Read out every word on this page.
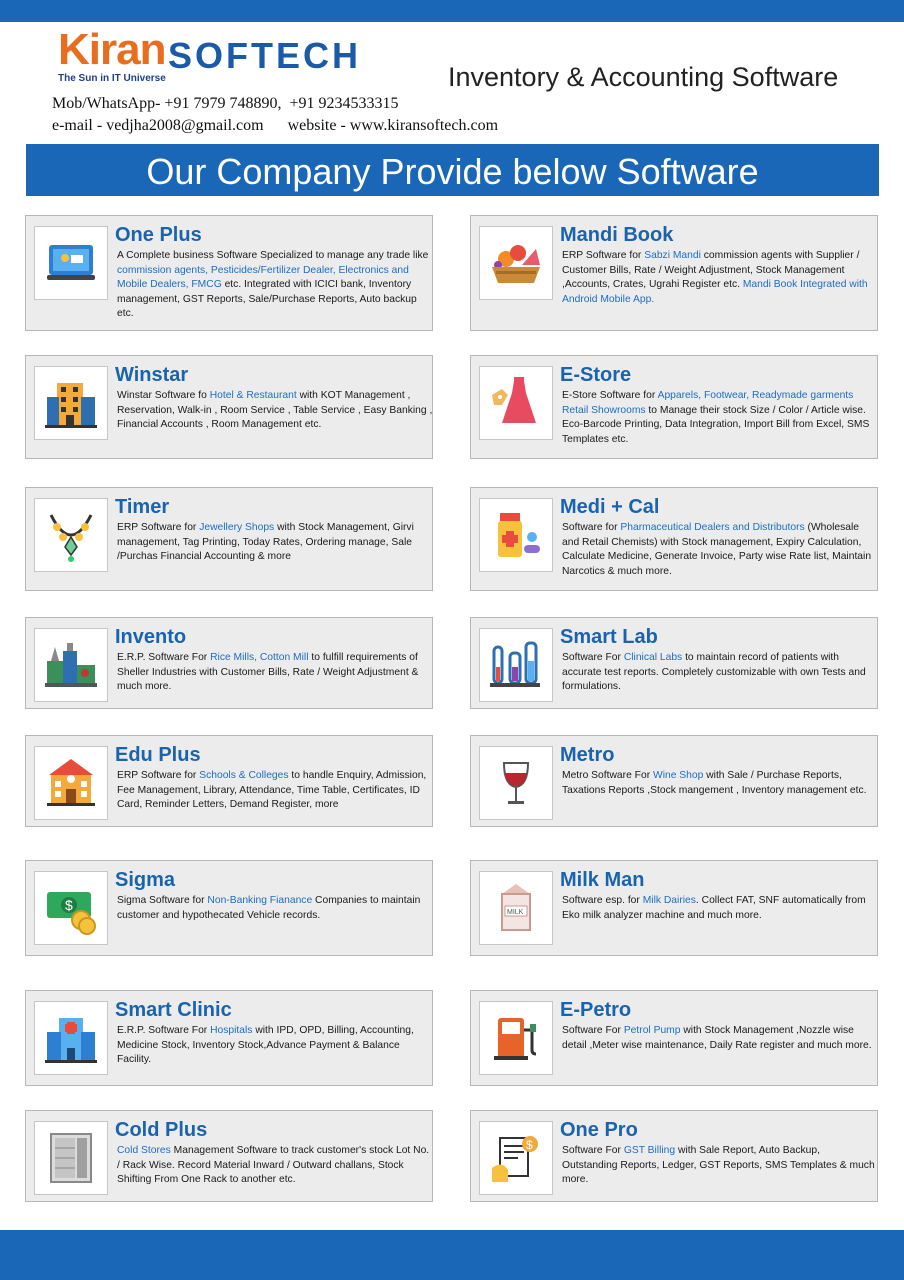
Kiran
The Sun in IT Universe
SOFTECH
Inventory & Accounting Software
Mob/WhatsApp- +91 7979 748890,  +91 9234533315
e-mail - vedjha2008@gmail.com      website - www.kiransoftech.com
Our Company Provide below Software
One Plus
A Complete business Software Specialized to manage any trade like commission agents, Pesticides/Fertilizer Dealer, Electronics and Mobile Dealers, FMCG etc. Integrated with ICICI bank, Inventory management, GST Reports, Sale/Purchase Reports, Auto backup etc.
Mandi Book
ERP Software for Sabzi Mandi commission agents with Supplier / Customer Bills, Rate / Weight Adjustment, Stock Management ,Accounts, Crates, Ugrahi Register etc. Mandi Book Integrated with Android Mobile App.
Winstar
Winstar Software fo Hotel & Restaurant with KOT Management , Reservation, Walk-in , Room Service , Table Service , Easy Banking , Financial Accounts , Room Management etc.
E-Store
E-Store Software for Apparels, Footwear, Readymade garments Retail Showrooms to Manage their stock Size / Color / Article wise. Eco-Barcode Printing, Data Integration, Import Bill from Excel, SMS Templates etc.
Timer
ERP Software for Jewellery Shops with Stock Management, Girvi management, Tag Printing, Today Rates, Ordering manage, Sale /Purchas Financial Accounting & more
Medi + Cal
Software for Pharmaceutical Dealers and Distributors (Wholesale and Retail Chemists) with Stock management, Expiry Calculation, Calculate Medicine, Generate Invoice, Party wise Rate list, Maintain Narcotics & much more.
Invento
E.R.P. Software For Rice Mills, Cotton Mill to fulfill requirements of Sheller Industries with Customer Bills, Rate / Weight Adjustment & much more.
Smart Lab
Software For Clinical Labs to maintain record of patients with accurate test reports. Completely customizable with own Tests and formulations.
Edu Plus
ERP Software for Schools & Colleges to handle Enquiry, Admission, Fee Management, Library, Attendance, Time Table, Certificates, ID Card, Reminder Letters, Demand Register, more
Metro
Metro Software For Wine Shop with Sale / Purchase Reports, Taxations Reports ,Stock mangement , Inventory management etc.
$
Sigma
Sigma Software for Non-Banking Fianance Companies to maintain customer and hypothecated Vehicle records.	MILK
Milk Man
Software esp. for Milk Dairies. Collect FAT, SNF automatically from Eko milk analyzer machine and much more.
Smart Clinic
E.R.P. Software For Hospitals with IPD, OPD, Billing, Accounting, Medicine Stock, Inventory Stock,Advance Payment & Balance Facility.
E-Petro
Software For Petrol Pump with Stock Management ,Nozzle wise detail ,Meter wise maintenance, Daily Rate register and much more.
Cold Plus
Cold Stores Management Software to track customer's stock Lot No. / Rack Wise. Record Material Inward / Outward challans, Stock Shifting From One Rack to another etc.
$
One Pro
Software For GST Billing with Sale Report, Auto Backup, Outstanding Reports, Ledger, GST Reports, SMS Templates & much more.
